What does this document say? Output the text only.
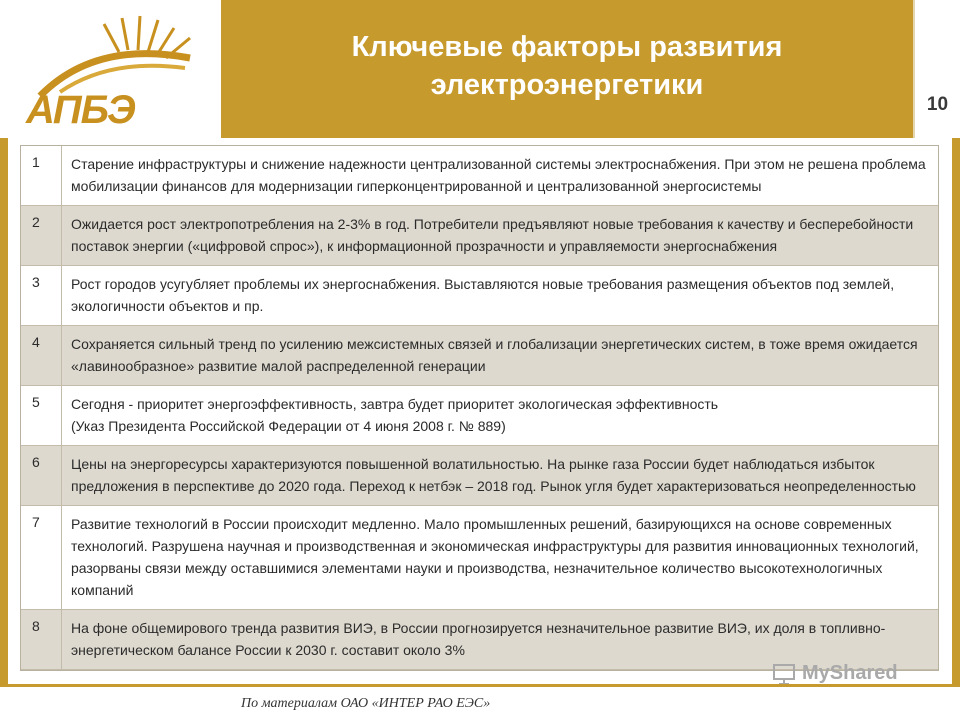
АПБЭ
Ключевые факторы развития
электроэнергетики
10
1	Старение инфраструктуры и снижение надежности централизованной системы электроснабжения. При этом не решена проблема мобилизации финансов для модернизации гиперконцентрированной и централизованной энергосистемы
2	Ожидается рост электропотребления на 2-3% в год. Потребители предъявляют новые требования к качеству и бесперебойности поставок энергии («цифровой спрос»), к информационной прозрачности и управляемости энергоснабжения
3	Рост городов усугубляет проблемы их энергоснабжения. Выставляются новые требования размещения объектов под землей, экологичности объектов и пр.
4	Сохраняется сильный тренд по усилению межсистемных связей и глобализации энергетических систем, в тоже время ожидается «лавинообразное» развитие малой распределенной генерации
5	Сегодня - приоритет энергоэффективность, завтра будет приоритет экологическая эффективность
(Указ Президента Российской Федерации от 4 июня 2008 г. № 889)
6	Цены на энергоресурсы характеризуются повышенной волатильностью. На рынке газа России будет наблюдаться избыток предложения в перспективе до 2020 года. Переход к нетбэк – 2018 год. Рынок угля будет характеризоваться неопределенностью
7	Развитие технологий в России происходит медленно. Мало промышленных решений, базирующихся на основе современных технологий. Разрушена научная и производственная и экономическая инфраструктуры для развития инновационных технологий, разорваны связи между оставшимися элементами науки и производства, незначительное количество высокотехнологичных компаний
8	На фоне общемирового тренда развития ВИЭ, в России прогнозируется незначительное развитие ВИЭ, их доля в топливно-энергетическом балансе России к 2030 г. составит около 3%
MyShared
По материалам ОАО «ИНТЕР РАО ЕЭС»
